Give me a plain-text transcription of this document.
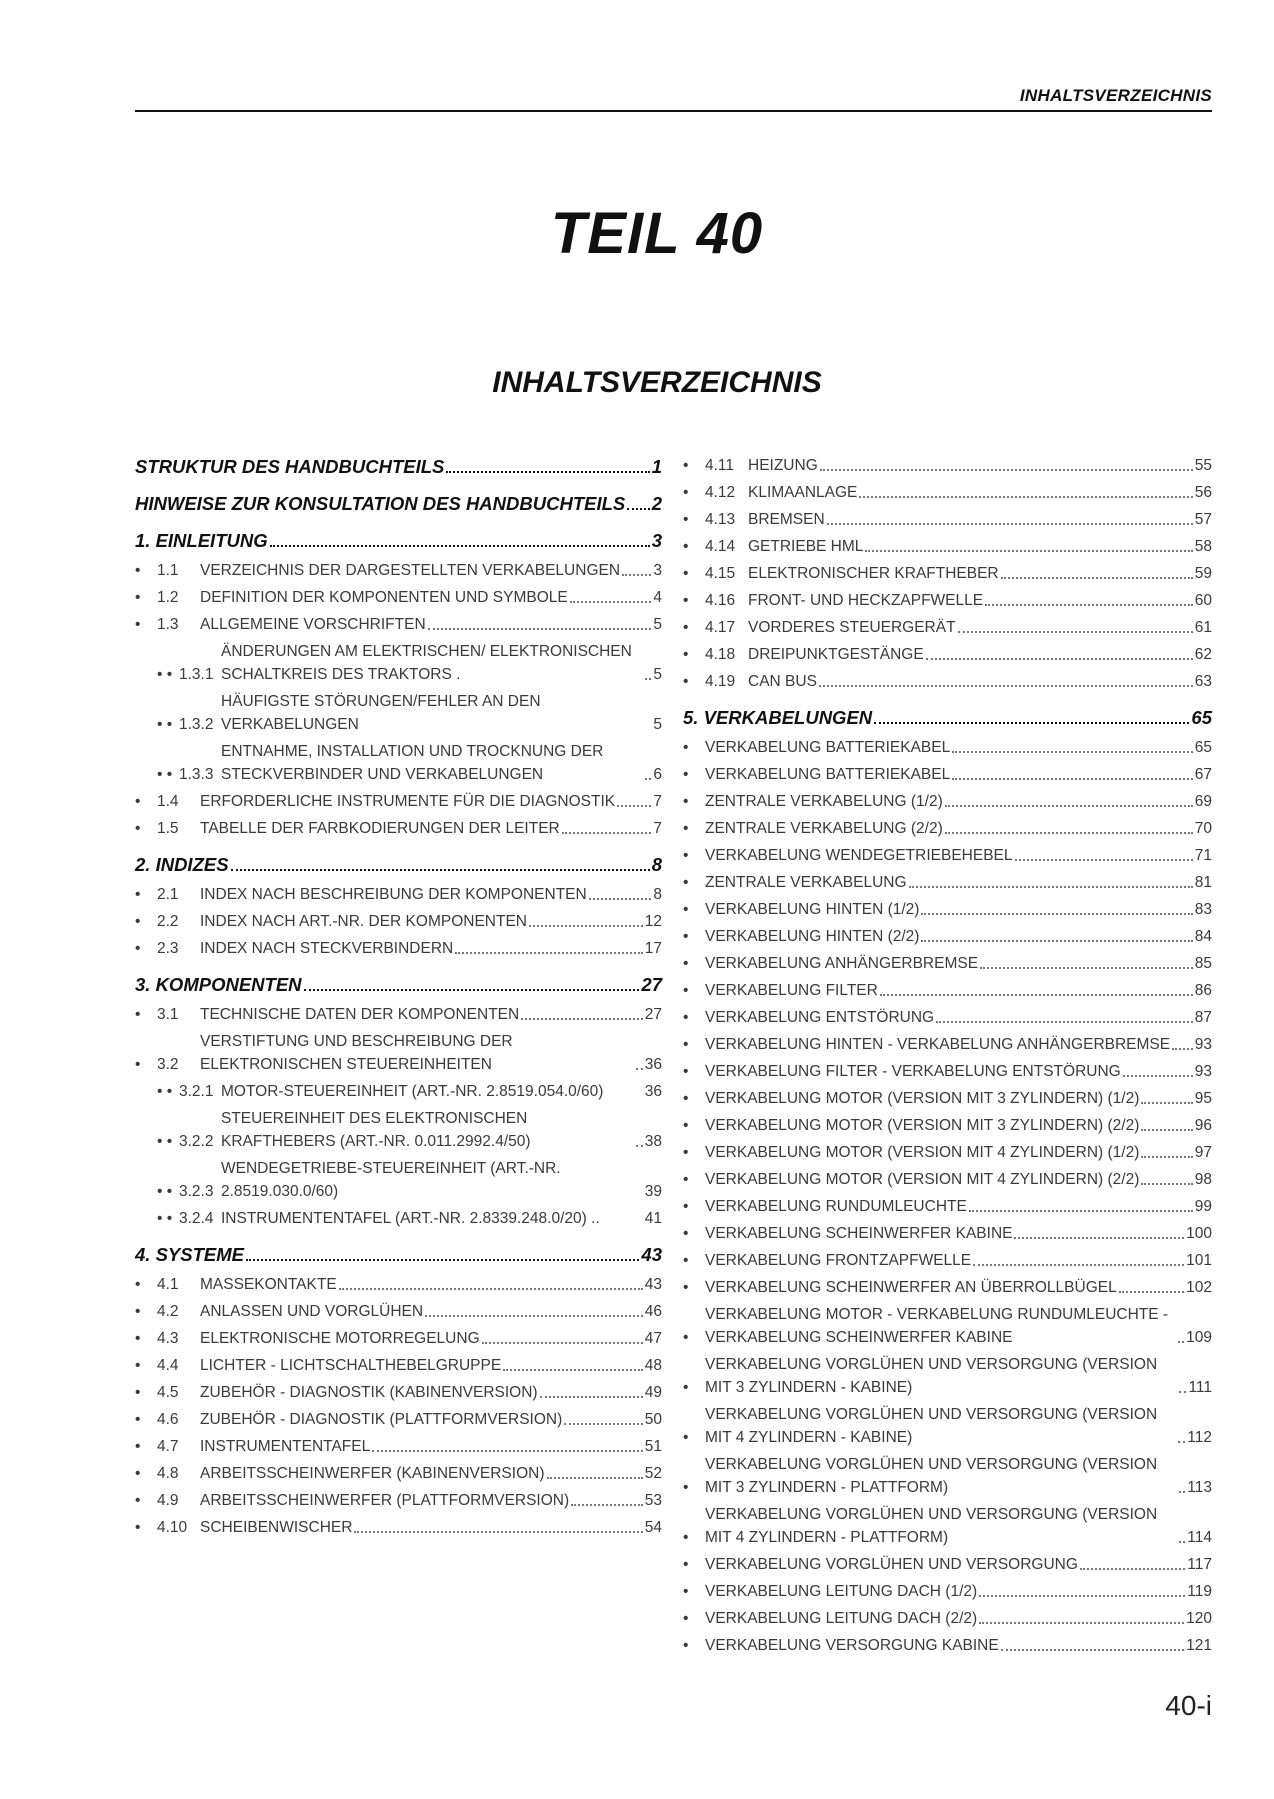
INHALTSVERZEICHNIS
TEIL 40
INHALTSVERZEICHNIS
STRUKTUR DES HANDBUCHTEILS	1
HINWEISE ZUR KONSULTATION DES HANDBUCHTEILS 2
1. EINLEITUNG	3
•	1.1	VERZEICHNIS DER DARGESTELLTEN VERKABELUNGEN 3
•	1.2	DEFINITION DER KOMPONENTEN UND SYMBOLE	4
•	1.3	ALLGEMEINE VORSCHRIFTEN	5
• • 1.3.1
ÄNDERUNGEN AM ELEKTRISCHEN/ ELEKTRONISCHEN SCHALTKREIS DES TRAKTORS .	5
• • 1.3.2
HÄUFIGSTE STÖRUNGEN/FEHLER AN DEN VERKABELUNGEN	5
• • 1.3.3
ENTNAHME, INSTALLATION UND TROCKNUNG DER STECKVERBINDER UND VERKABELUNGEN	6
•	1.4	ERFORDERLICHE INSTRUMENTE FÜR DIE DIAGNOSTIK 7
•	1.5	TABELLE DER FARBKODIERUNGEN DER LEITER	7
2. INDIZES	8
•	2.1	INDEX NACH BESCHREIBUNG DER KOMPONENTEN	8
•	2.2	INDEX NACH ART.-NR. DER KOMPONENTEN	12
•	2.3	INDEX NACH STECKVERBINDERN	17
3. KOMPONENTEN	27
•	3.1	TECHNISCHE DATEN DER KOMPONENTEN	27
•	3.2
VERSTIFTUNG UND BESCHREIBUNG DER ELEKTRONISCHEN STEUEREINHEITEN	36
• • 3.2.1 MOTOR-STEUEREINHEIT (ART.-NR. 2.8519.054.0/60)	36
• • 3.2.2
STEUEREINHEIT DES ELEKTRONISCHEN KRAFTHEBERS (ART.-NR. 0.011.2992.4/50)	38
• • 3.2.3
WENDEGETRIEBE-STEUEREINHEIT (ART.-NR. 2.8519.030.0/60)	39
• • 3.2.4 INSTRUMENTENTAFEL (ART.-NR. 2.8339.248.0/20) ..	41
4. SYSTEME	43
•	4.1	MASSEKONTAKTE	43
•	4.2	ANLASSEN UND VORGLÜHEN	46
•	4.3	ELEKTRONISCHE MOTORREGELUNG	47
•	4.4	LICHTER - LICHTSCHALTHEBELGRUPPE	48
•	4.5	ZUBEHÖR - DIAGNOSTIK (KABINENVERSION)	49
•	4.6	ZUBEHÖR - DIAGNOSTIK (PLATTFORMVERSION)	50
•	4.7	INSTRUMENTENTAFEL	51
•	4.8	ARBEITSSCHEINWERFER (KABINENVERSION)	52
•	4.9	ARBEITSSCHEINWERFER (PLATTFORMVERSION)	53
•	4.10 SCHEIBENWISCHER	54
•	4.11 HEIZUNG	55
•	4.12 KLIMAANLAGE	56
•	4.13 BREMSEN	57
•	4.14 GETRIEBE HML	58
•	4.15 ELEKTRONISCHER KRAFTHEBER	59
•	4.16 FRONT- UND HECKZAPFWELLE	60
•	4.17 VORDERES STEUERGERÄT	61
•	4.18 DREIPUNKTGESTÄNGE	62
•	4.19 CAN BUS	63
5. VERKABELUNGEN	65
•	VERKABELUNG BATTERIEKABEL	65
•	VERKABELUNG BATTERIEKABEL	67
•	ZENTRALE VERKABELUNG (1/2)	69
•	ZENTRALE VERKABELUNG (2/2)	70
•	VERKABELUNG WENDEGETRIEBEHEBEL	71
•	ZENTRALE VERKABELUNG	81
•	VERKABELUNG HINTEN (1/2)	83
•	VERKABELUNG HINTEN (2/2)	84
•	VERKABELUNG ANHÄNGERBREMSE	85
•	VERKABELUNG FILTER	86
•	VERKABELUNG ENTSTÖRUNG	87
•	VERKABELUNG HINTEN - VERKABELUNG ANHÄNGERBREMSE 93
•	VERKABELUNG FILTER - VERKABELUNG ENTSTÖRUNG	93
•	VERKABELUNG MOTOR (VERSION MIT 3 ZYLINDERN) (1/2)	95
•	VERKABELUNG MOTOR (VERSION MIT 3 ZYLINDERN) (2/2)	96
•	VERKABELUNG MOTOR (VERSION MIT 4 ZYLINDERN) (1/2)	97
•	VERKABELUNG MOTOR (VERSION MIT 4 ZYLINDERN) (2/2)	98
•	VERKABELUNG RUNDUMLEUCHTE	99
•	VERKABELUNG SCHEINWERFER KABINE	100
•	VERKABELUNG FRONTZAPFWELLE	101
•	VERKABELUNG SCHEINWERFER AN ÜBERROLLBÜGEL	102
•
VERKABELUNG MOTOR - VERKABELUNG RUNDUMLEUCHTE - VERKABELUNG SCHEINWERFER KABINE	109
•
VERKABELUNG VORGLÜHEN UND VERSORGUNG (VERSION MIT 3 ZYLINDERN - KABINE)	111
•
VERKABELUNG VORGLÜHEN UND VERSORGUNG (VERSION MIT 4 ZYLINDERN - KABINE)	112
•
VERKABELUNG VORGLÜHEN UND VERSORGUNG (VERSION MIT 3 ZYLINDERN - PLATTFORM)	113
•
VERKABELUNG VORGLÜHEN UND VERSORGUNG (VERSION MIT 4 ZYLINDERN - PLATTFORM)	114
•	VERKABELUNG VORGLÜHEN UND VERSORGUNG	117
•	VERKABELUNG LEITUNG DACH (1/2)	119
•	VERKABELUNG LEITUNG DACH (2/2)	120
•	VERKABELUNG VERSORGUNG KABINE	121
40-i
